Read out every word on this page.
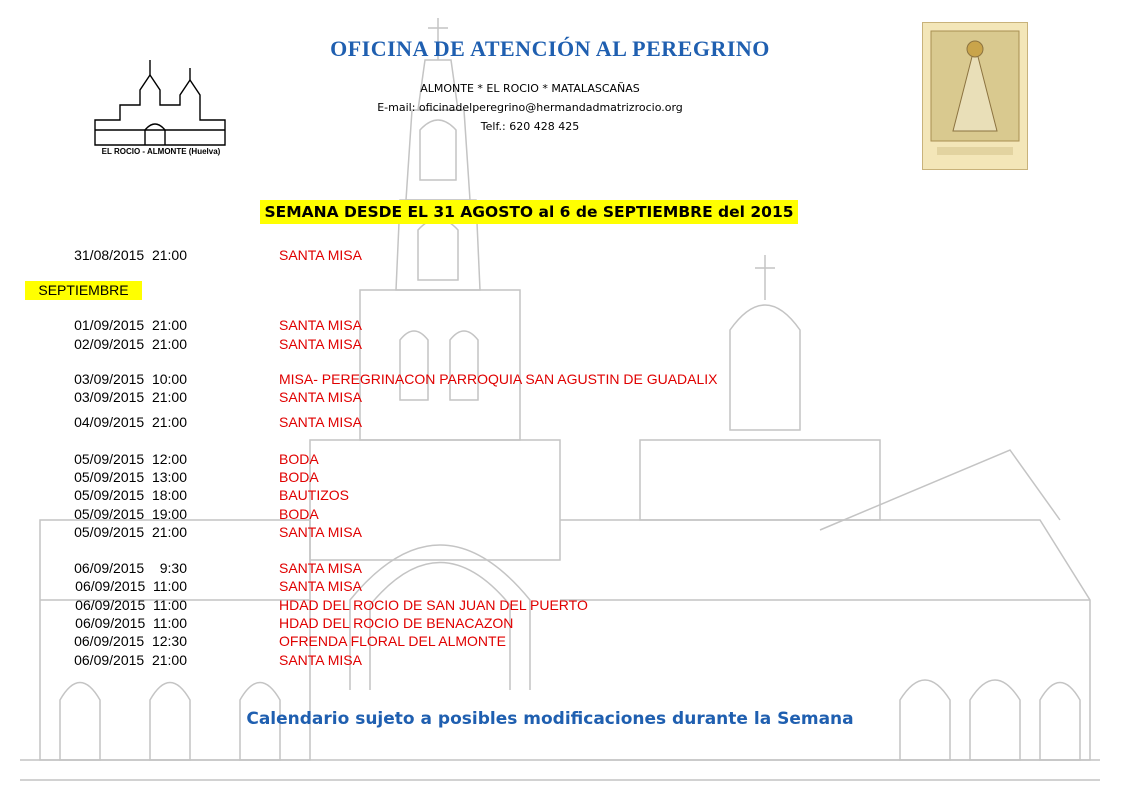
EL ROCIO - ALMONTE (Huelva)
OFICINA DE ATENCIÓN AL PEREGRINO
ALMONTE * EL ROCIO * MATALASCAÑAS
E-mail: oficinadelperegrino@hermandadmatrizrocio.org
Telf.: 620 428 425
SEMANA DESDE EL 31 AGOSTO al 6 de SEPTIEMBRE del 2015
SEPTIEMBRE
31/08/2015  21:00	SANTA MISA
01/09/2015  21:00	SANTA MISA
02/09/2015  21:00	SANTA MISA
03/09/2015  10:00	MISA- PEREGRINACON PARROQUIA SAN AGUSTIN DE GUADALIX
03/09/2015  21:00	SANTA MISA
04/09/2015  21:00	SANTA MISA
05/09/2015  12:00	BODA
05/09/2015  13:00	BODA
05/09/2015  18:00	BAUTIZOS
05/09/2015  19:00	BODA
05/09/2015  21:00	SANTA MISA
06/09/2015    9:30	SANTA MISA
06/09/2015  11:00	SANTA MISA
06/09/2015  11:00	HDAD DEL ROCIO DE SAN JUAN DEL PUERTO
06/09/2015  11:00	HDAD DEL ROCIO DE BENACAZON
06/09/2015  12:30	OFRENDA FLORAL DEL ALMONTE
06/09/2015  21:00	SANTA MISA
Calendario sujeto a posibles modificaciones durante la Semana
